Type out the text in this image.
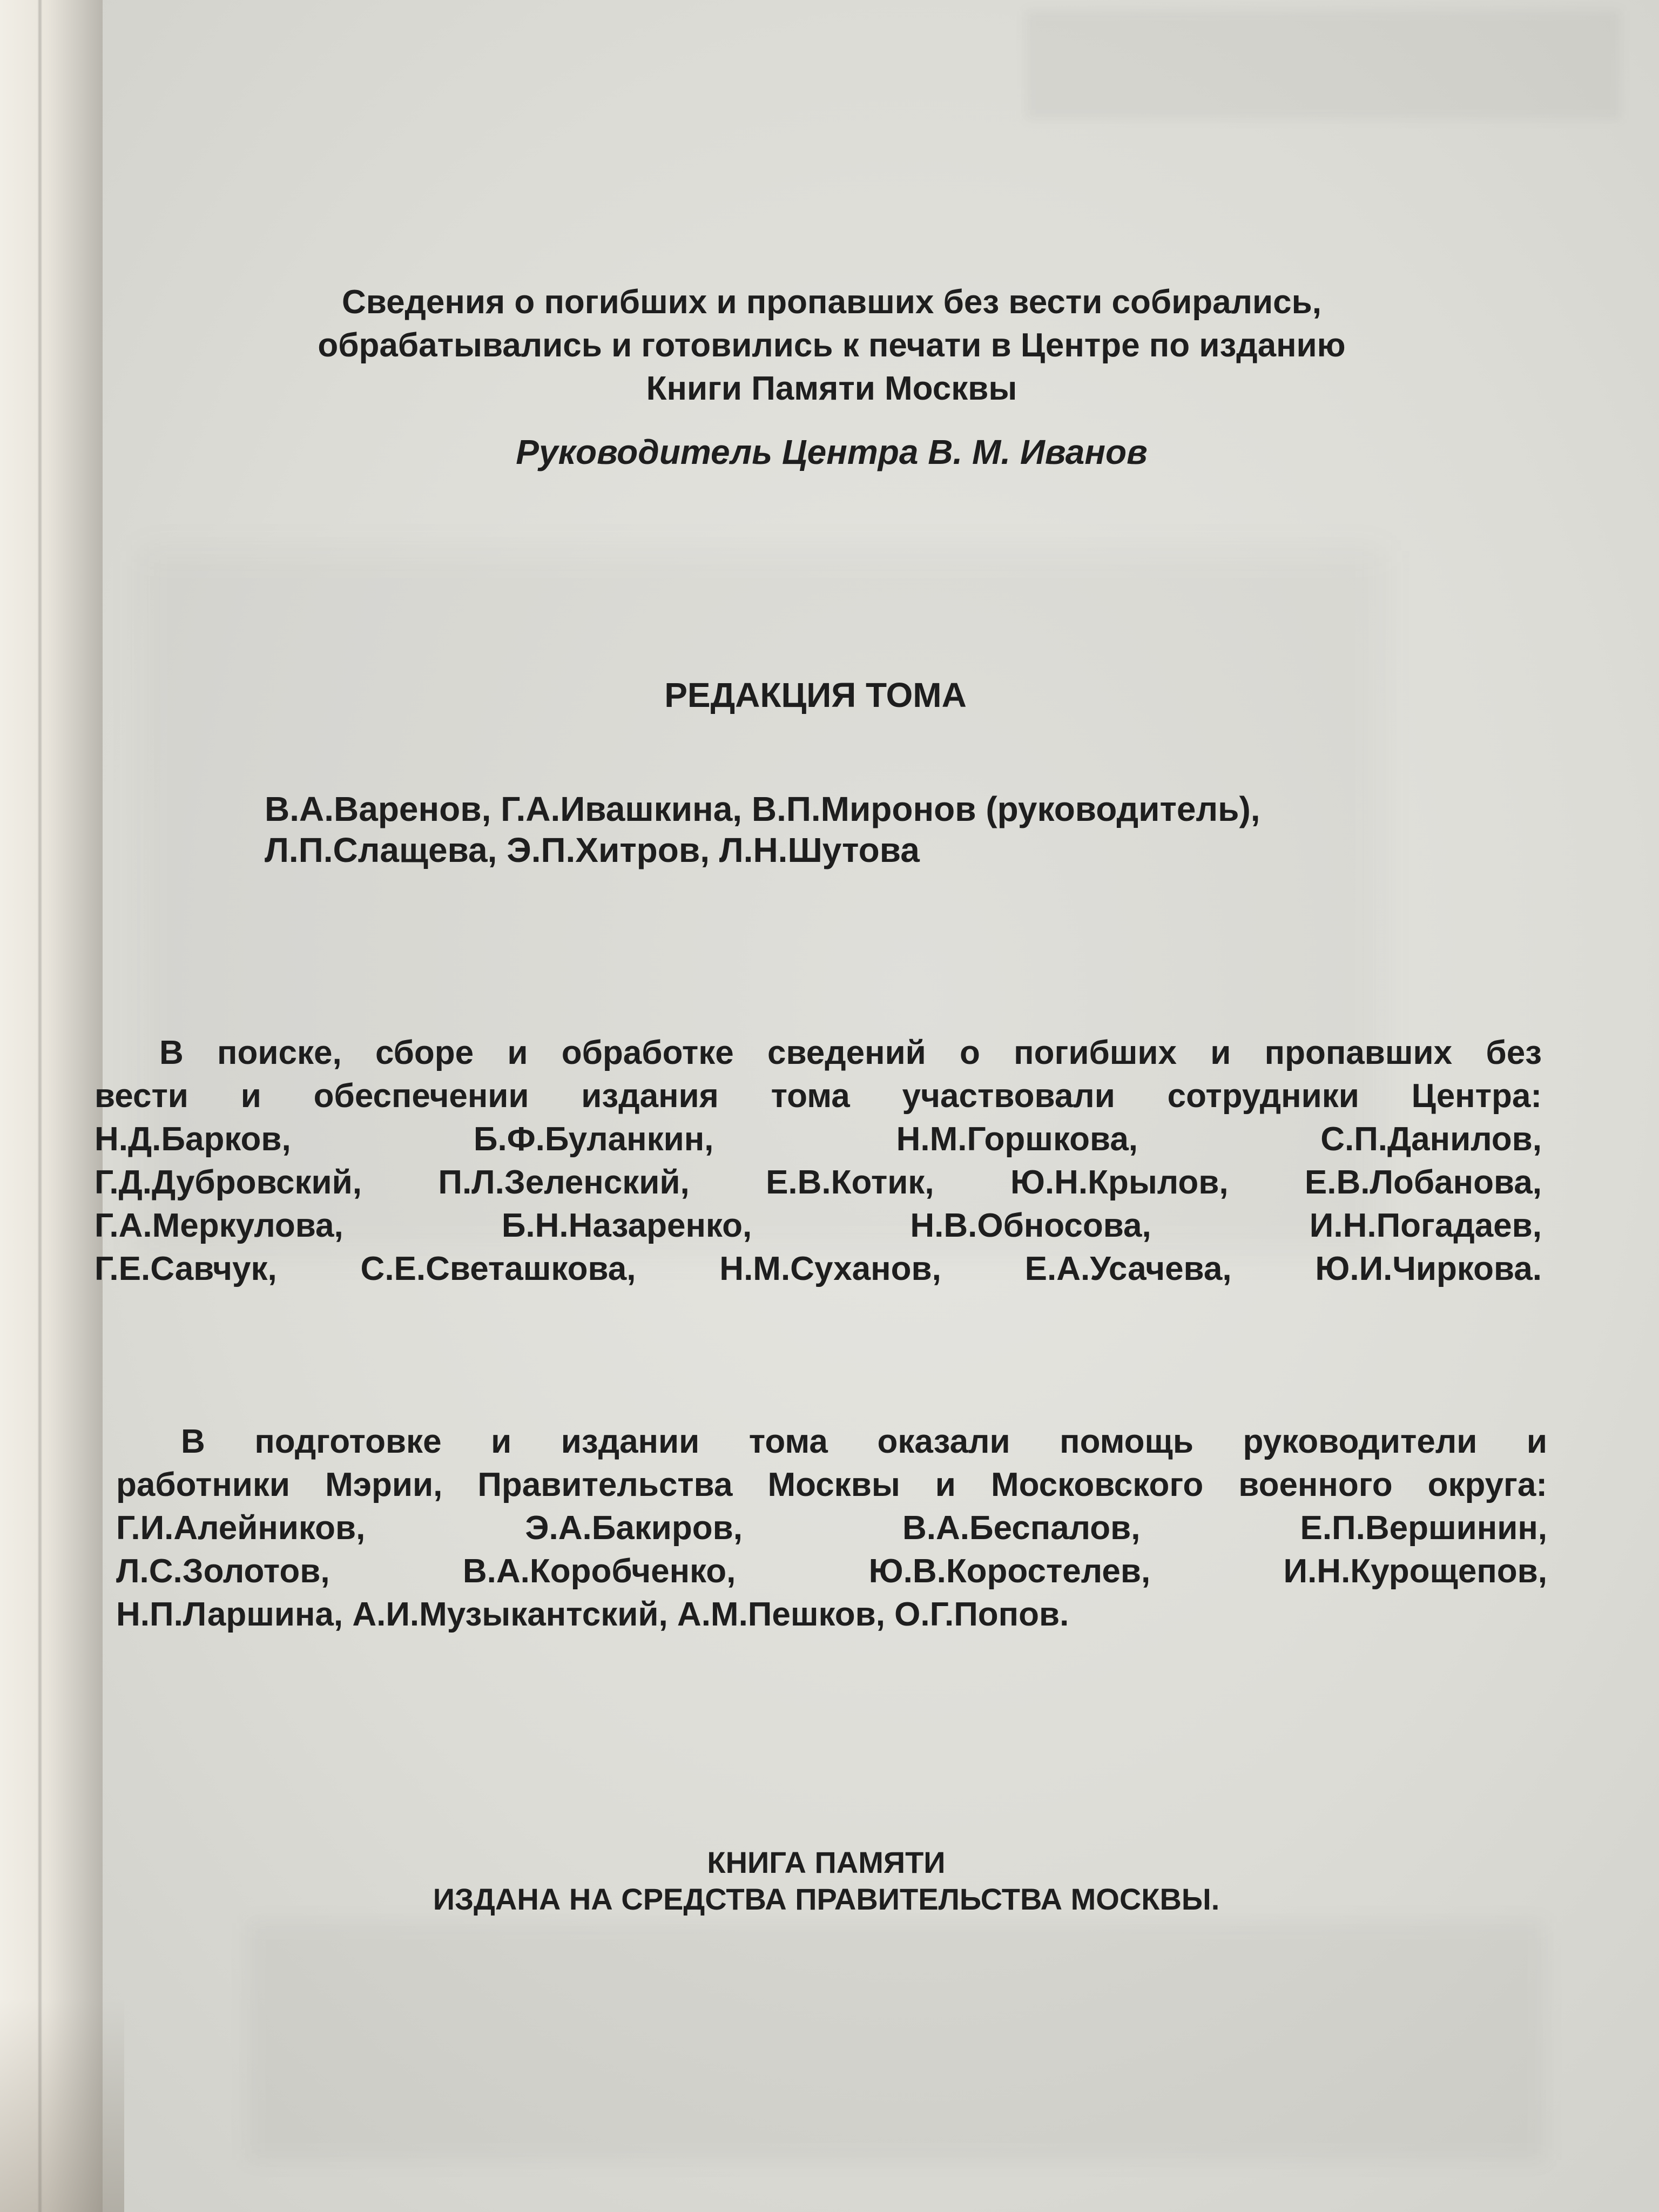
Сведения о погибших и пропавших без вести собирались,
обрабатывались и готовились к печати в Центре по изданию
Книги Памяти Москвы
Руководитель Центра В. М. Иванов
РЕДАКЦИЯ ТОМА
В.А.Варенов, Г.А.Ивашкина, В.П.Миронов (руководитель),
Л.П.Слащева, Э.П.Хитров, Л.Н.Шутова
В поиске, сборе и обработке сведений о погибших и пропавших без
вести и обеспечении издания тома участвовали сотрудники Центра:
Н.Д.Барков, Б.Ф.Буланкин, Н.М.Горшкова, С.П.Данилов,
Г.Д.Дубровский, П.Л.Зеленский, Е.В.Котик, Ю.Н.Крылов, Е.В.Лобанова,
Г.А.Меркулова, Б.Н.Назаренко, Н.В.Обносова, И.Н.Погадаев,
Г.Е.Савчук, С.Е.Светашкова, Н.М.Суханов, Е.А.Усачева, Ю.И.Чиркова.
В подготовке и издании тома оказали помощь руководители и
работники Мэрии, Правительства Москвы и Московского военного округа:
Г.И.Алейников, Э.А.Бакиров, В.А.Беспалов, Е.П.Вершинин,
Л.С.Золотов, В.А.Коробченко, Ю.В.Коростелев, И.Н.Курощепов,
Н.П.Ларшина, А.И.Музыкантский, А.М.Пешков, О.Г.Попов.
КНИГА ПАМЯТИ
ИЗДАНА НА СРЕДСТВА ПРАВИТЕЛЬСТВА МОСКВЫ.
